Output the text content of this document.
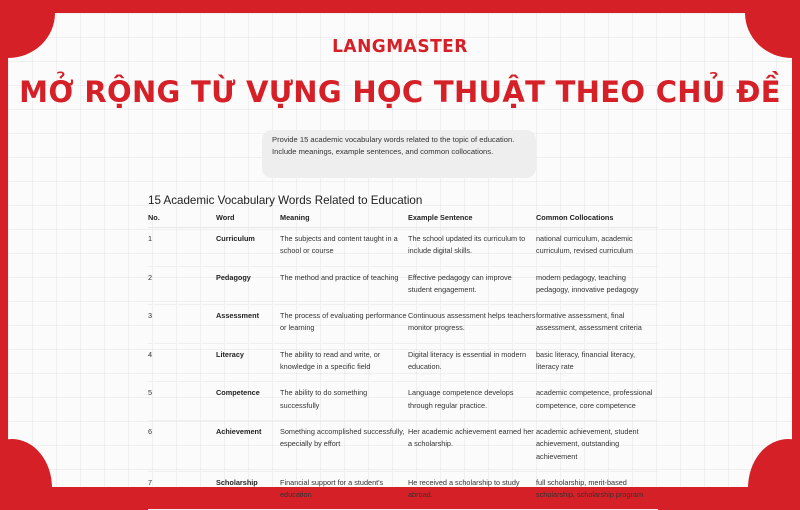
LANGMASTER
MỞ RỘNG TỪ VỰNG HỌC THUẬT THEO CHỦ ĐỀ
Provide 15 academic vocabulary words related to the topic of education. Include meanings, example sentences, and common collocations.
15 Academic Vocabulary Words Related to Education
No.	Word	Meaning	Example Sentence	Common Collocations
1	Curriculum	The subjects and content taught in a school or course	The school updated its curriculum to include digital skills.	national curriculum, academic curriculum, revised curriculum
2	Pedagogy	The method and practice of teaching	Effective pedagogy can improve student engagement.	modern pedagogy, teaching pedagogy, innovative pedagogy
3	Assessment	The process of evaluating performance or learning	Continuous assessment helps teachers monitor progress.	formative assessment, final assessment, assessment criteria
4	Literacy	The ability to read and write, or knowledge in a specific field	Digital literacy is essential in modern education.	basic literacy, financial literacy, literacy rate
5	Competence	The ability to do something successfully	Language competence develops through regular practice.	academic competence, professional competence, core competence
6	Achievement	Something accomplished successfully, especially by effort	Her academic achievement earned her a scholarship.	academic achievement, student achievement, outstanding achievement
7	Scholarship	Financial support for a student's education	He received a scholarship to study abroad.	full scholarship, merit-based scholarship, scholarship program
